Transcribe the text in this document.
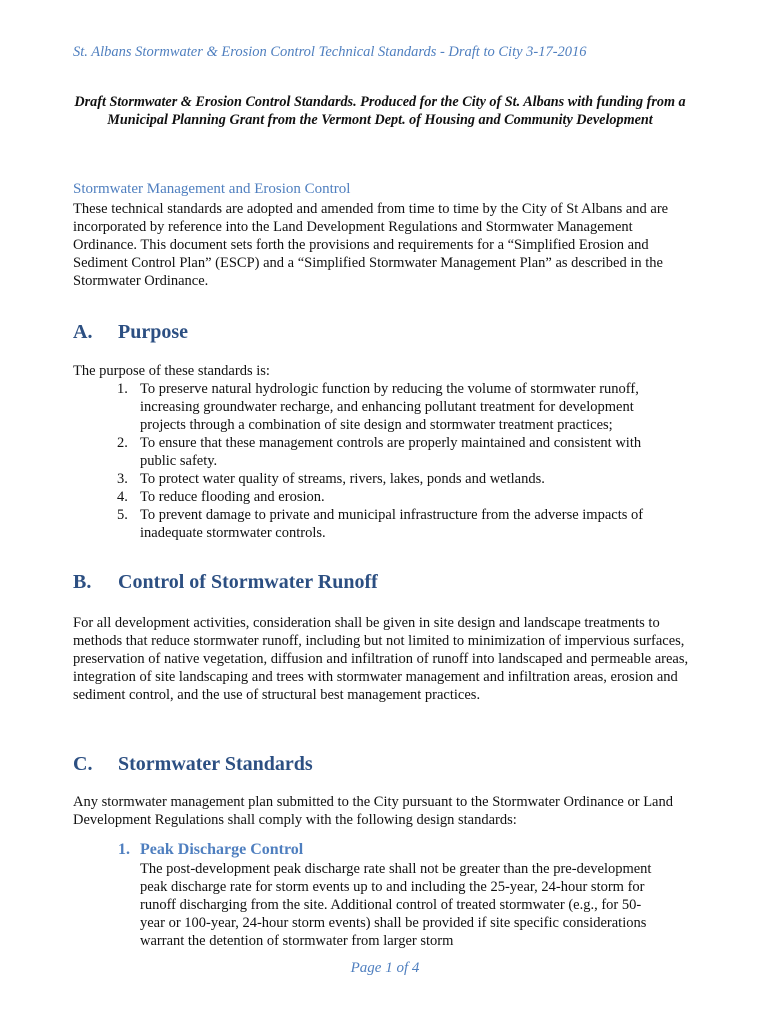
St. Albans Stormwater & Erosion Control Technical Standards - Draft to City 3-17-2016
Draft Stormwater & Erosion Control Standards. Produced for the City of St. Albans with funding from a Municipal Planning Grant from the Vermont Dept. of Housing and Community Development
Stormwater Management and Erosion Control

These technical standards are adopted and amended from time to time by the City of St Albans and are incorporated by reference into the Land Development Regulations and Stormwater Management Ordinance. This document sets forth the provisions and requirements for a “Simplified Erosion and Sediment Control Plan” (ESCP) and a “Simplified Stormwater Management Plan” as described in the Stormwater Ordinance.

A. Purpose

The purpose of these standards is:

1. To preserve natural hydrologic function by reducing the volume of stormwater runoff, increasing groundwater recharge, and enhancing pollutant treatment for development projects through a combination of site design and stormwater treatment practices;
2. To ensure that these management controls are properly maintained and consistent with public safety.
3. To protect water quality of streams, rivers, lakes, ponds and wetlands.
4. To reduce flooding and erosion.
5. To prevent damage to private and municipal infrastructure from the adverse impacts of inadequate stormwater controls.
B. Control of Stormwater Runoff

For all development activities, consideration shall be given in site design and landscape treatments to methods that reduce stormwater runoff, including but not limited to minimization of impervious surfaces, preservation of native vegetation, diffusion and infiltration of runoff into landscaped and permeable areas, integration of site landscaping and trees with stormwater management and infiltration areas, erosion and sediment control, and the use of structural best management practices.

C. Stormwater Standards

Any stormwater management plan submitted to the City pursuant to the Stormwater Ordinance or Land Development Regulations shall comply with the following design standards:

1. Peak Discharge Control

The post-development peak discharge rate shall not be greater than the pre-development peak discharge rate for storm events up to and including the 25-year, 24-hour storm for runoff discharging from the site. Additional control of treated stormwater (e.g., for 50-year or 100-year, 24-hour storm events) shall be provided if site specific considerations warrant the detention of stormwater from larger storm

Page 1 of 4
